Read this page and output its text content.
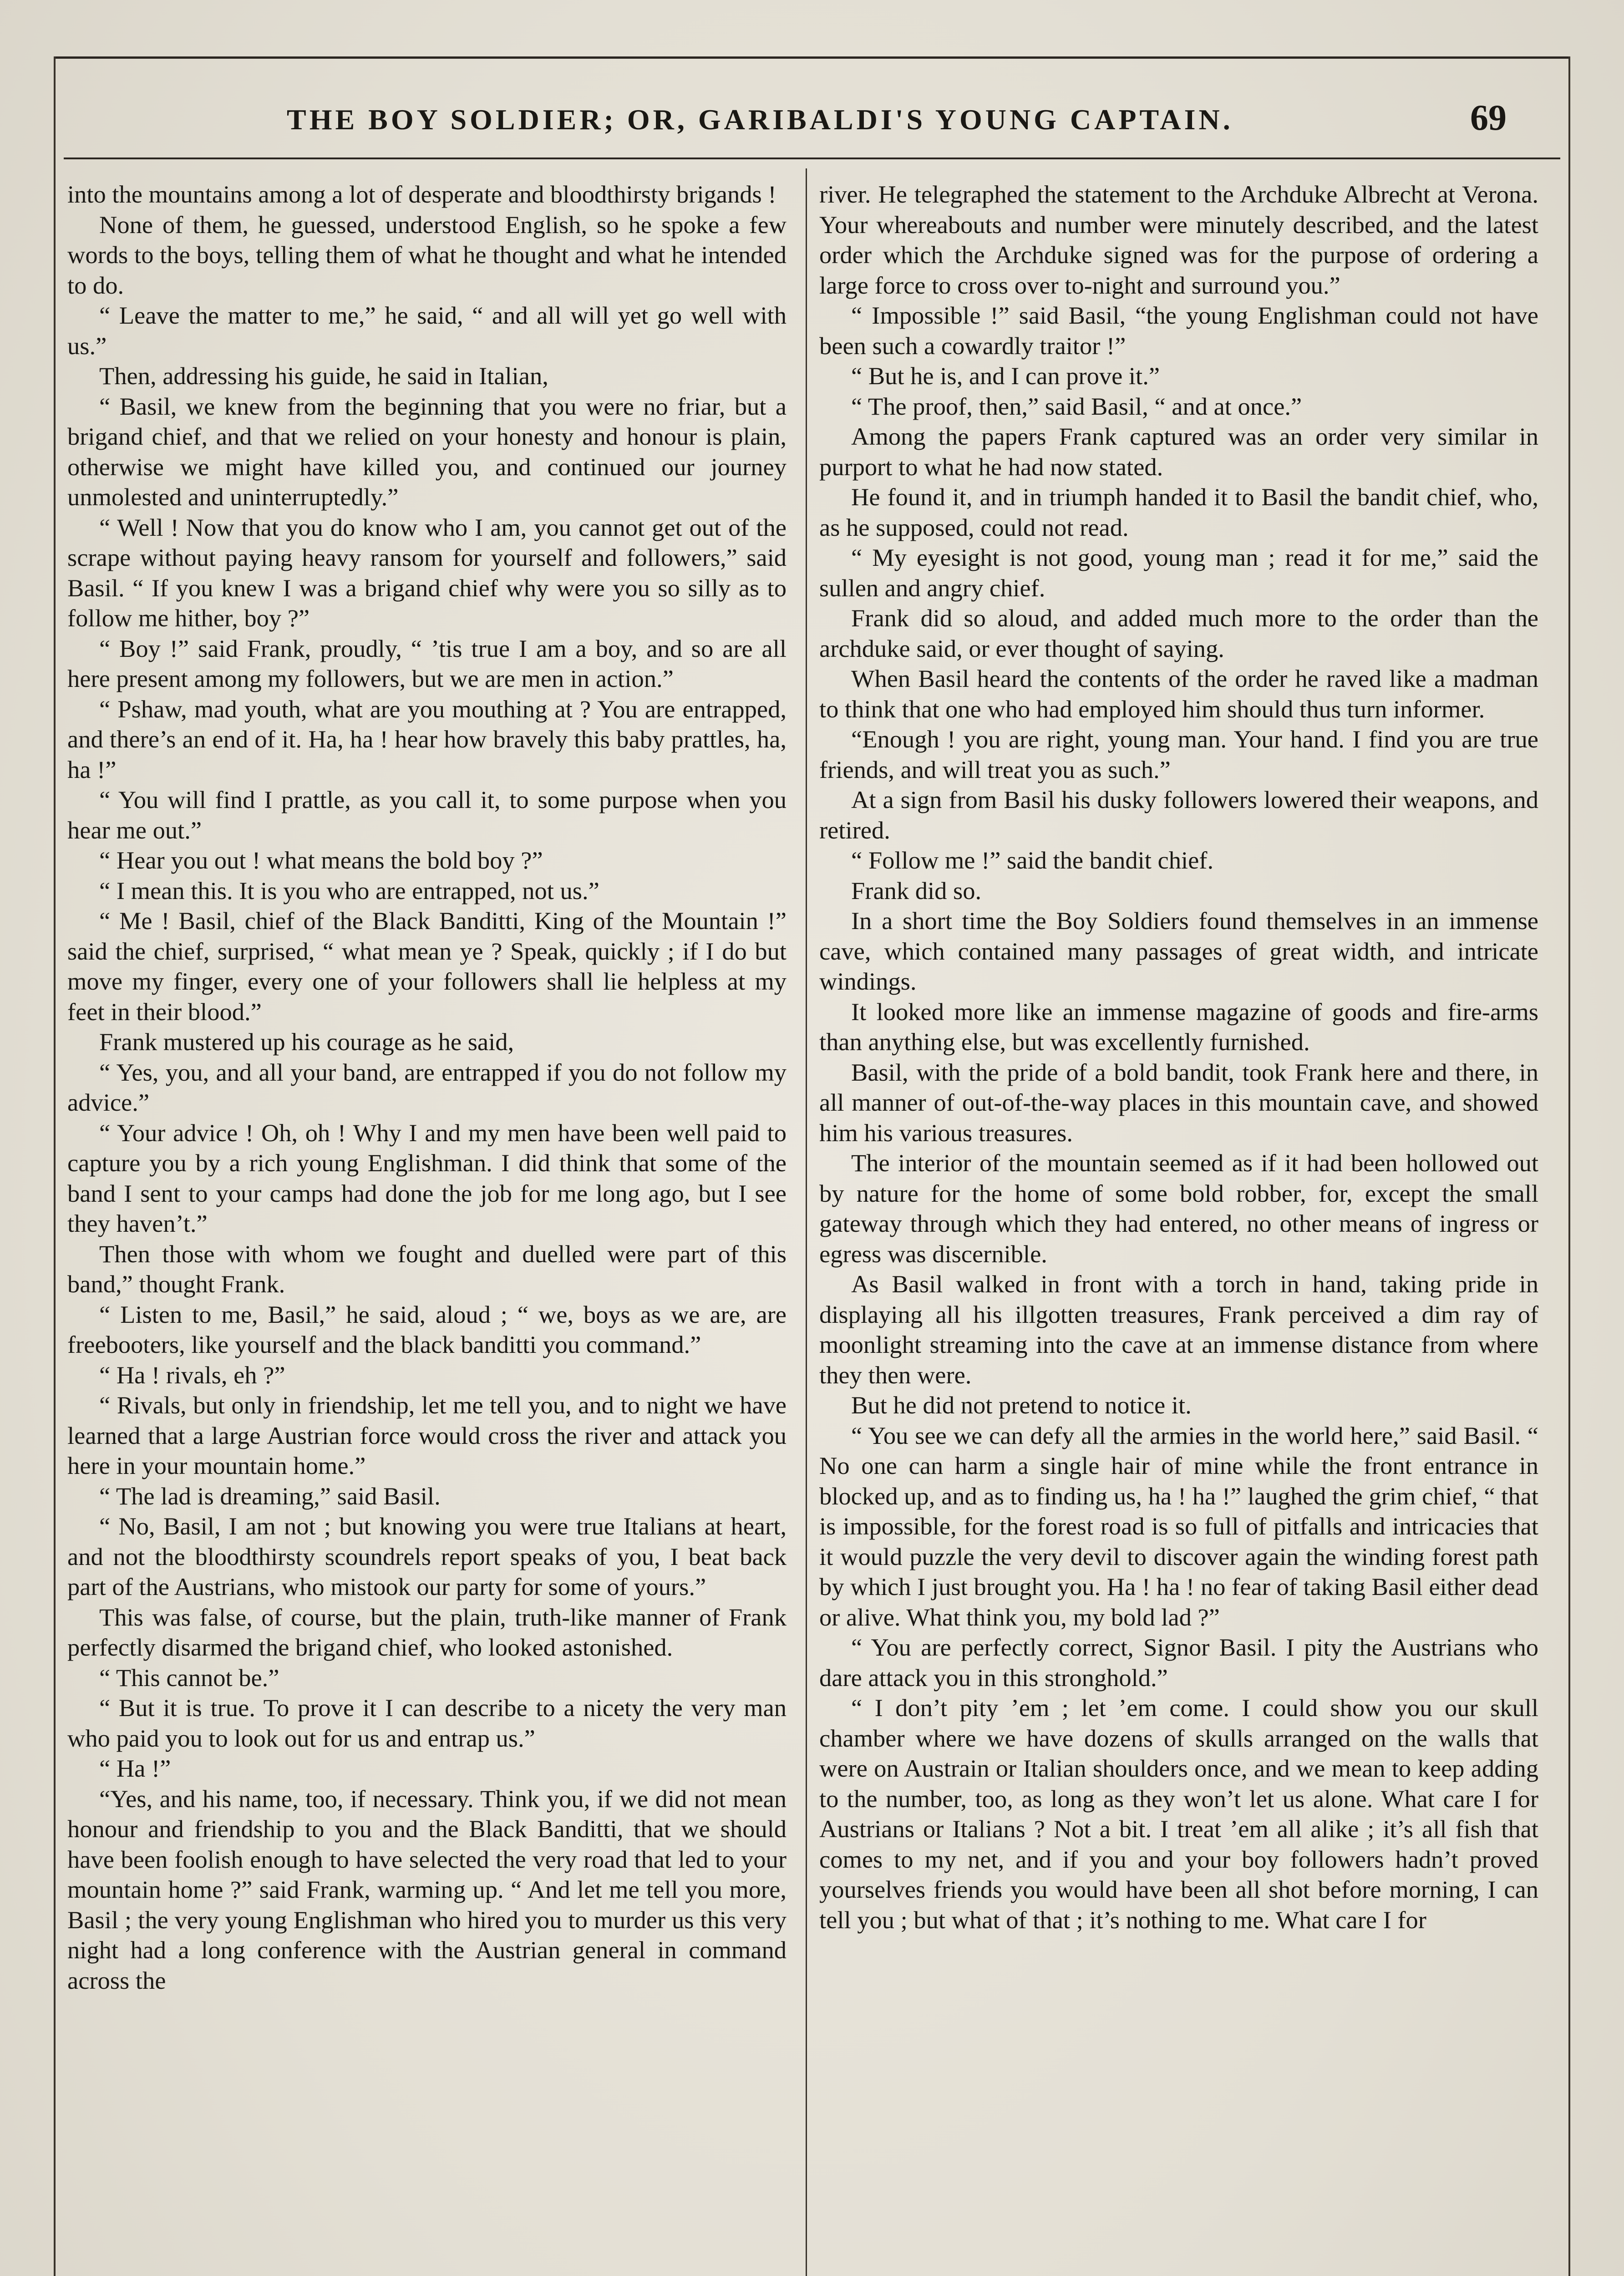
THE BOY SOLDIER; OR, GARIBALDI'S YOUNG CAPTAIN.	69

into the mountains among a lot of desperate and bloodthirsty brigands !

None of them, he guessed, understood English, so he spoke a few words to the boys, telling them of what he thought and what he intended to do.

“ Leave the matter to me,” he said, “ and all will yet go well with us.”

Then, addressing his guide, he said in Italian,

“ Basil, we knew from the beginning that you were no friar, but a brigand chief, and that we relied on your honesty and honour is plain, otherwise we might have killed you, and continued our journey unmolested and uninterruptedly.”

“ Well ! Now that you do know who I am, you cannot get out of the scrape without paying heavy ransom for yourself and followers,” said Basil. “ If you knew I was a brigand chief why were you so silly as to follow me hither, boy ?”

“ Boy !” said Frank, proudly, “ ’tis true I am a boy, and so are all here present among my followers, but we are men in action.”

“ Pshaw, mad youth, what are you mouthing at ? You are entrapped, and there’s an end of it. Ha, ha ! hear how bravely this baby prattles, ha, ha !”

“ You will find I prattle, as you call it, to some purpose when you hear me out.”

“ Hear you out ! what means the bold boy ?”

“ I mean this. It is you who are entrapped, not us.”

“ Me ! Basil, chief of the Black Banditti, King of the Mountain !” said the chief, surprised, “ what mean ye ? Speak, quickly ; if I do but move my finger, every one of your followers shall lie helpless at my feet in their blood.”

Frank mustered up his courage as he said,

“ Yes, you, and all your band, are entrapped if you do not follow my advice.”

“ Your advice ! Oh, oh ! Why I and my men have been well paid to capture you by a rich young Englishman. I did think that some of the band I sent to your camps had done the job for me long ago, but I see they haven’t.”

Then those with whom we fought and duelled were part of this band,” thought Frank.

“ Listen to me, Basil,” he said, aloud ; “ we, boys as we are, are freebooters, like yourself and the black banditti you command.”

“ Ha ! rivals, eh ?”

“ Rivals, but only in friendship, let me tell you, and to night we have learned that a large Austrian force would cross the river and attack you here in your mountain home.”

“ The lad is dreaming,” said Basil.

“ No, Basil, I am not ; but knowing you were true Italians at heart, and not the bloodthirsty scoundrels report speaks of you, I beat back part of the Austrians, who mistook our party for some of yours.”

This was false, of course, but the plain, truth-like manner of Frank perfectly disarmed the brigand chief, who looked astonished.

“ This cannot be.”

“ But it is true. To prove it I can describe to a nicety the very man who paid you to look out for us and entrap us.”

“ Ha !”

“Yes, and his name, too, if necessary. Think you, if we did not mean honour and friendship to you and the Black Banditti, that we should have been foolish enough to have selected the very road that led to your mountain home ?” said Frank, warming up. “ And let me tell you more, Basil ; the very young Englishman who hired you to murder us this very night had a long conference with the Austrian general in command across the

river. He telegraphed the statement to the Archduke Albrecht at Verona. Your whereabouts and number were minutely described, and the latest order which the Archduke signed was for the purpose of ordering a large force to cross over to-night and surround you.”

“ Impossible !” said Basil, “the young Englishman could not have been such a cowardly traitor !”

“ But he is, and I can prove it.”

“ The proof, then,” said Basil, “ and at once.”

Among the papers Frank captured was an order very similar in purport to what he had now stated.

He found it, and in triumph handed it to Basil the bandit chief, who, as he supposed, could not read.

“ My eyesight is not good, young man ; read it for me,” said the sullen and angry chief.

Frank did so aloud, and added much more to the order than the archduke said, or ever thought of saying.

When Basil heard the contents of the order he raved like a madman to think that one who had employed him should thus turn informer.

“Enough ! you are right, young man. Your hand. I find you are true friends, and will treat you as such.”

At a sign from Basil his dusky followers lowered their weapons, and retired.

“ Follow me !” said the bandit chief.

Frank did so.

In a short time the Boy Soldiers found themselves in an immense cave, which contained many passages of great width, and intricate windings.

It looked more like an immense magazine of goods and fire-arms than anything else, but was excellently furnished.

Basil, with the pride of a bold bandit, took Frank here and there, in all manner of out-of-the-way places in this mountain cave, and showed him his various treasures.

The interior of the mountain seemed as if it had been hollowed out by nature for the home of some bold robber, for, except the small gateway through which they had entered, no other means of ingress or egress was discernible.

As Basil walked in front with a torch in hand, taking pride in displaying all his illgotten treasures, Frank perceived a dim ray of moonlight streaming into the cave at an immense distance from where they then were.

But he did not pretend to notice it.

“ You see we can defy all the armies in the world here,” said Basil. “ No one can harm a single hair of mine while the front entrance in blocked up, and as to finding us, ha ! ha !” laughed the grim chief, “ that is impossible, for the forest road is so full of pitfalls and intricacies that it would puzzle the very devil to discover again the winding forest path by which I just brought you. Ha ! ha ! no fear of taking Basil either dead or alive. What think you, my bold lad ?”

“ You are perfectly correct, Signor Basil. I pity the Austrians who dare attack you in this stronghold.”

“ I don’t pity ’em ; let ’em come. I could show you our skull chamber where we have dozens of skulls arranged on the walls that were on Austrain or Italian shoulders once, and we mean to keep adding to the number, too, as long as they won’t let us alone. What care I for Austrians or Italians ? Not a bit. I treat ’em all alike ; it’s all fish that comes to my net, and if you and your boy followers hadn’t proved yourselves friends you would have been all shot before morning, I can tell you ; but what of that ; it’s nothing to me. What care I for
